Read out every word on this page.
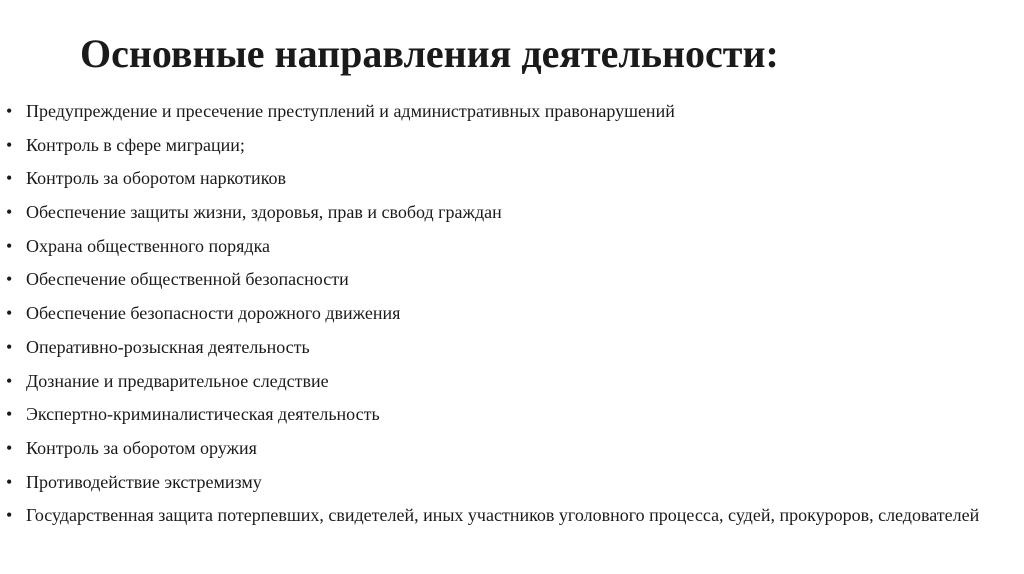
Основные направления деятельности:
• Предупреждение и пресечение преступлений и административных правонарушений
• Контроль в сфере миграции;
• Контроль за оборотом наркотиков
• Обеспечение защиты жизни, здоровья, прав и свобод граждан
• Охрана общественного порядка
• Обеспечение общественной безопасности
• Обеспечение безопасности дорожного движения
• Оперативно-розыскная деятельность
• Дознание и предварительное следствие
• Экспертно-криминалистическая деятельность
• Контроль за оборотом оружия
• Противодействие экстремизму
• Государственная защита потерпевших, свидетелей, иных участников уголовного процесса, судей, прокуроров, следователей
